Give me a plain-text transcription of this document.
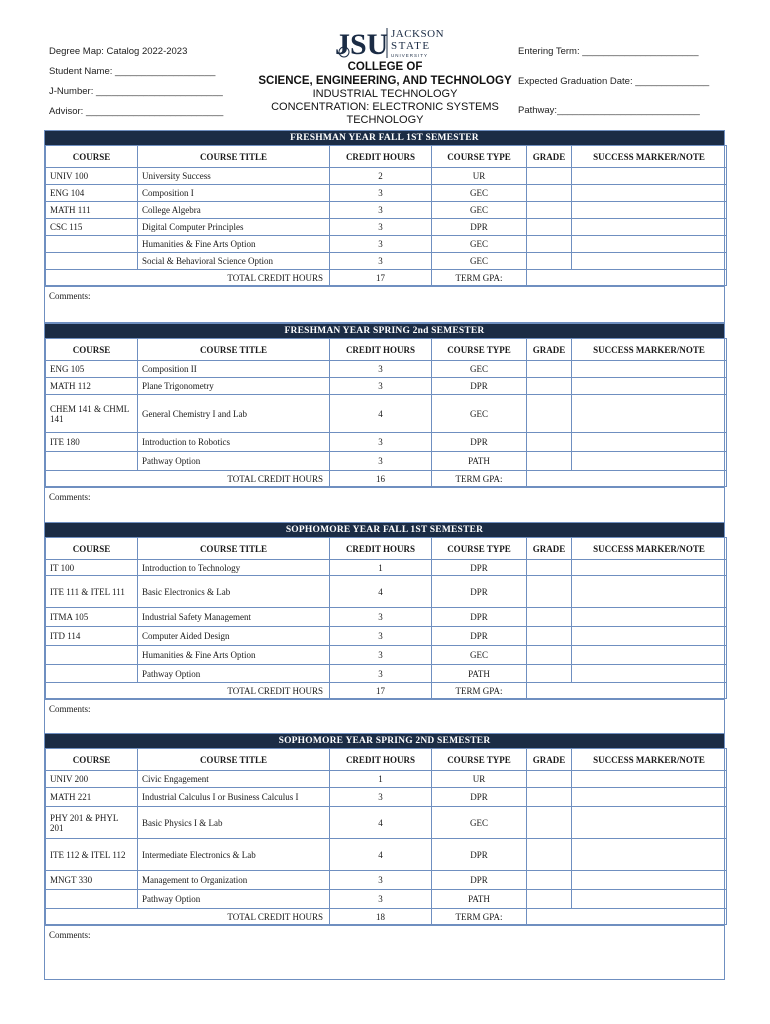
Degree Map: Catalog 2022-2023
Student Name: ___________________
J-Number: ________________________
Advisor: __________________________
JSU JACKSON
STATE
UNIVERSITY
COLLEGE OF
SCIENCE, ENGINEERING, AND TECHNOLOGY
INDUSTRIAL TECHNOLOGY
CONCENTRATION: ELECTRONIC SYSTEMS TECHNOLOGY
Entering Term: ______________________
Expected Graduation Date: ______________
Pathway:___________________________
FRESHMAN YEAR FALL 1ST SEMESTER
COURSE	COURSE TITLE	CREDIT HOURS	COURSE TYPE	GRADE	SUCCESS MARKER/NOTE
UNIV 100	University Success	2	UR		
ENG 104	Composition I	3	GEC		
MATH 111	College Algebra	3	GEC		
CSC 115	Digital Computer Principles	3	DPR		
	Humanities & Fine Arts Option	3	GEC		
	Social & Behavioral Science Option	3	GEC		
TOTAL CREDIT HOURS		17	TERM GPA:		
Comments:
FRESHMAN YEAR SPRING 2nd SEMESTER
COURSE	COURSE TITLE	CREDIT HOURS	COURSE TYPE	GRADE	SUCCESS MARKER/NOTE
ENG 105	Composition II	3	GEC		
MATH 112	Plane Trigonometry	3	DPR		
CHEM 141 & CHML 141	General Chemistry I and Lab	4	GEC		
ITE 180	Introduction to Robotics	3	DPR		
	Pathway Option	3	PATH		
TOTAL CREDIT HOURS		16	TERM GPA:		
Comments:
SOPHOMORE YEAR FALL 1ST SEMESTER
COURSE	COURSE TITLE	CREDIT HOURS	COURSE TYPE	GRADE	SUCCESS MARKER/NOTE
IT 100	Introduction to Technology	1	DPR		
ITE 111 & ITEL 111	Basic Electronics & Lab	4	DPR		
ITMA 105	Industrial Safety Management	3	DPR		
ITD 114	Computer Aided Design	3	DPR		
	Humanities & Fine Arts Option	3	GEC		
	Pathway Option	3	PATH		
TOTAL CREDIT HOURS		17	TERM GPA:		
Comments:
SOPHOMORE YEAR SPRING 2ND SEMESTER
COURSE	COURSE TITLE	CREDIT HOURS	COURSE TYPE	GRADE	SUCCESS MARKER/NOTE
UNIV 200	Civic Engagement	1	UR		
MATH 221	Industrial Calculus I or Business Calculus I	3	DPR		
PHY 201 & PHYL 201	Basic Physics I & Lab	4	GEC		
ITE 112 & ITEL 112	Intermediate Electronics & Lab	4	DPR		
MNGT 330	Management to Organization	3	DPR		
	Pathway Option	3	PATH		
TOTAL CREDIT HOURS		18	TERM GPA:		
Comments:
